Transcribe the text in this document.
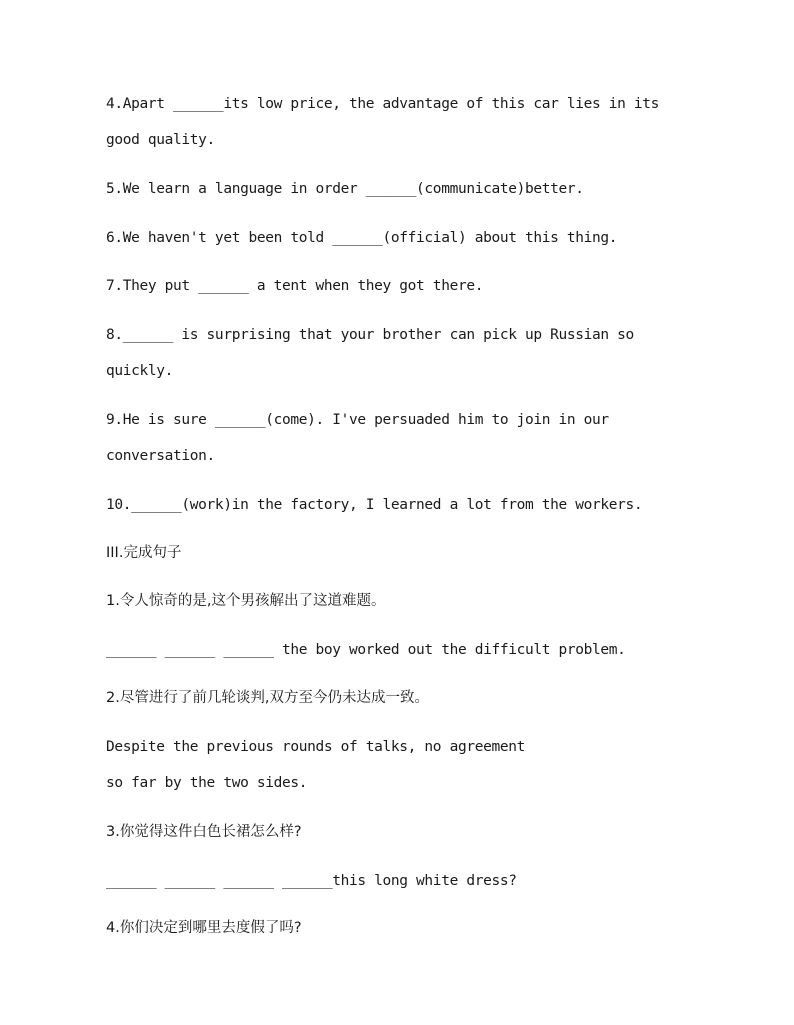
4.Apart ______its low price, the advantage of this car lies in its
good quality.
5.We learn a language in order ______(communicate)better.
6.We haven't yet been told ______(official) about this thing.
7.They put ______ a tent when they got there.
8.______ is surprising that your brother can pick up Russian so
quickly.
9.He is sure ______(come). I've persuaded him to join in our
conversation.
10.______(work)in the factory, I learned a lot from the workers.
III.完成句子
1.令人惊奇的是,这个男孩解出了这道难题。
______ ______ ______ the boy worked out the difficult problem.
2.尽管进行了前几轮谈判,双方至今仍未达成一致。
Despite the previous rounds of talks, no agreement
so far by the two sides.
3.你觉得这件白色长裙怎么样?
______ ______ ______ ______this long white dress?
4.你们决定到哪里去度假了吗?
